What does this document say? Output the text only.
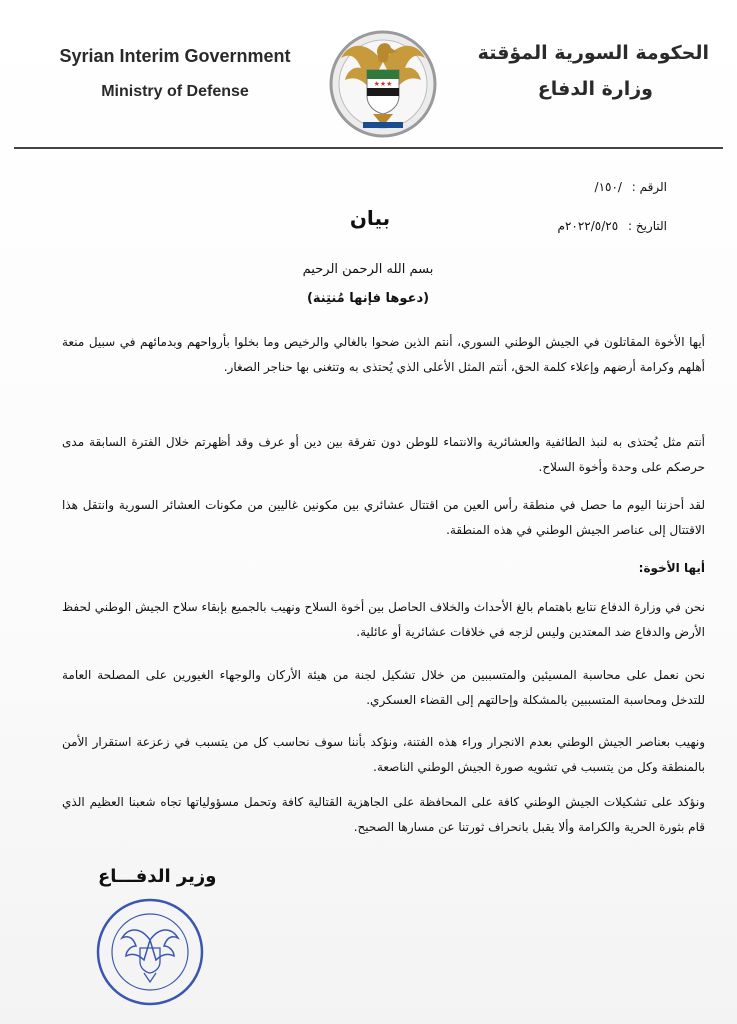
Syrian Interim Government
Ministry of Defense	★★★
الحكومة السورية المؤقتة
وزارة الدفاع
الرقم : /١٥٠/
بيان	التاريخ : ٢٠٢٢/٥/٢٥م
بسم الله الرحمن الرحيم
(دعوها فإنها مُنتِنة)
أيها الأخوة المقاتلون في الجيش الوطني السوري، أنتم الذين ضحوا بالغالي والرخيص وما بخلوا بأرواحهم وبدمائهم في سبيل منعة أهلهم وكرامة أرضهم وإعلاء كلمة الحق، أنتم المثل الأعلى الذي يُحتذى به وتتغنى بها حناجر الصغار.
أنتم مثل يُحتذى به لنبذ الطائفية والعشائرية والانتماء للوطن دون تفرقة بين دين أو عرف وقد أظهرتم خلال الفترة السابقة مدى حرصكم على وحدة وأخوة السلاح.
لقد أحزننا اليوم ما حصل في منطقة رأس العين من اقتتال عشائري بين مكونين غاليين من مكونات العشائر السورية وانتقل هذا الاقتتال إلى عناصر الجيش الوطني في هذه المنطقة.
أيها الأخوة:
نحن في وزارة الدفاع نتابع باهتمام بالغ الأحداث والخلاف الحاصل بين أخوة السلاح ونهيب بالجميع بإبقاء سلاح الجيش الوطني لحفظ الأرض والدفاع ضد المعتدين وليس لزجه في خلافات عشائرية أو عائلية.
نحن نعمل على محاسبة المسيئين والمتسببين من خلال تشكيل لجنة من هيئة الأركان والوجهاء الغيورين على المصلحة العامة للتدخل ومحاسبة المتسببين بالمشكلة وإحالتهم إلى القضاء العسكري.
ونهيب بعناصر الجيش الوطني بعدم الانجرار وراء هذه الفتنة، ونؤكد بأننا سوف نحاسب كل من يتسبب في زعزعة استقرار الأمن بالمنطقة وكل من يتسبب في تشويه صورة الجيش الوطني الناصعة.
ونؤكد على تشكيلات الجيش الوطني كافة على المحافظة على الجاهزية القتالية كافة وتحمل مسؤولياتها تجاه شعبنا العظيم الذي قام بثورة الحرية والكرامة وألا يقبل بانحراف ثورتنا عن مسارها الصحيح.
وزير الدفـــاع
